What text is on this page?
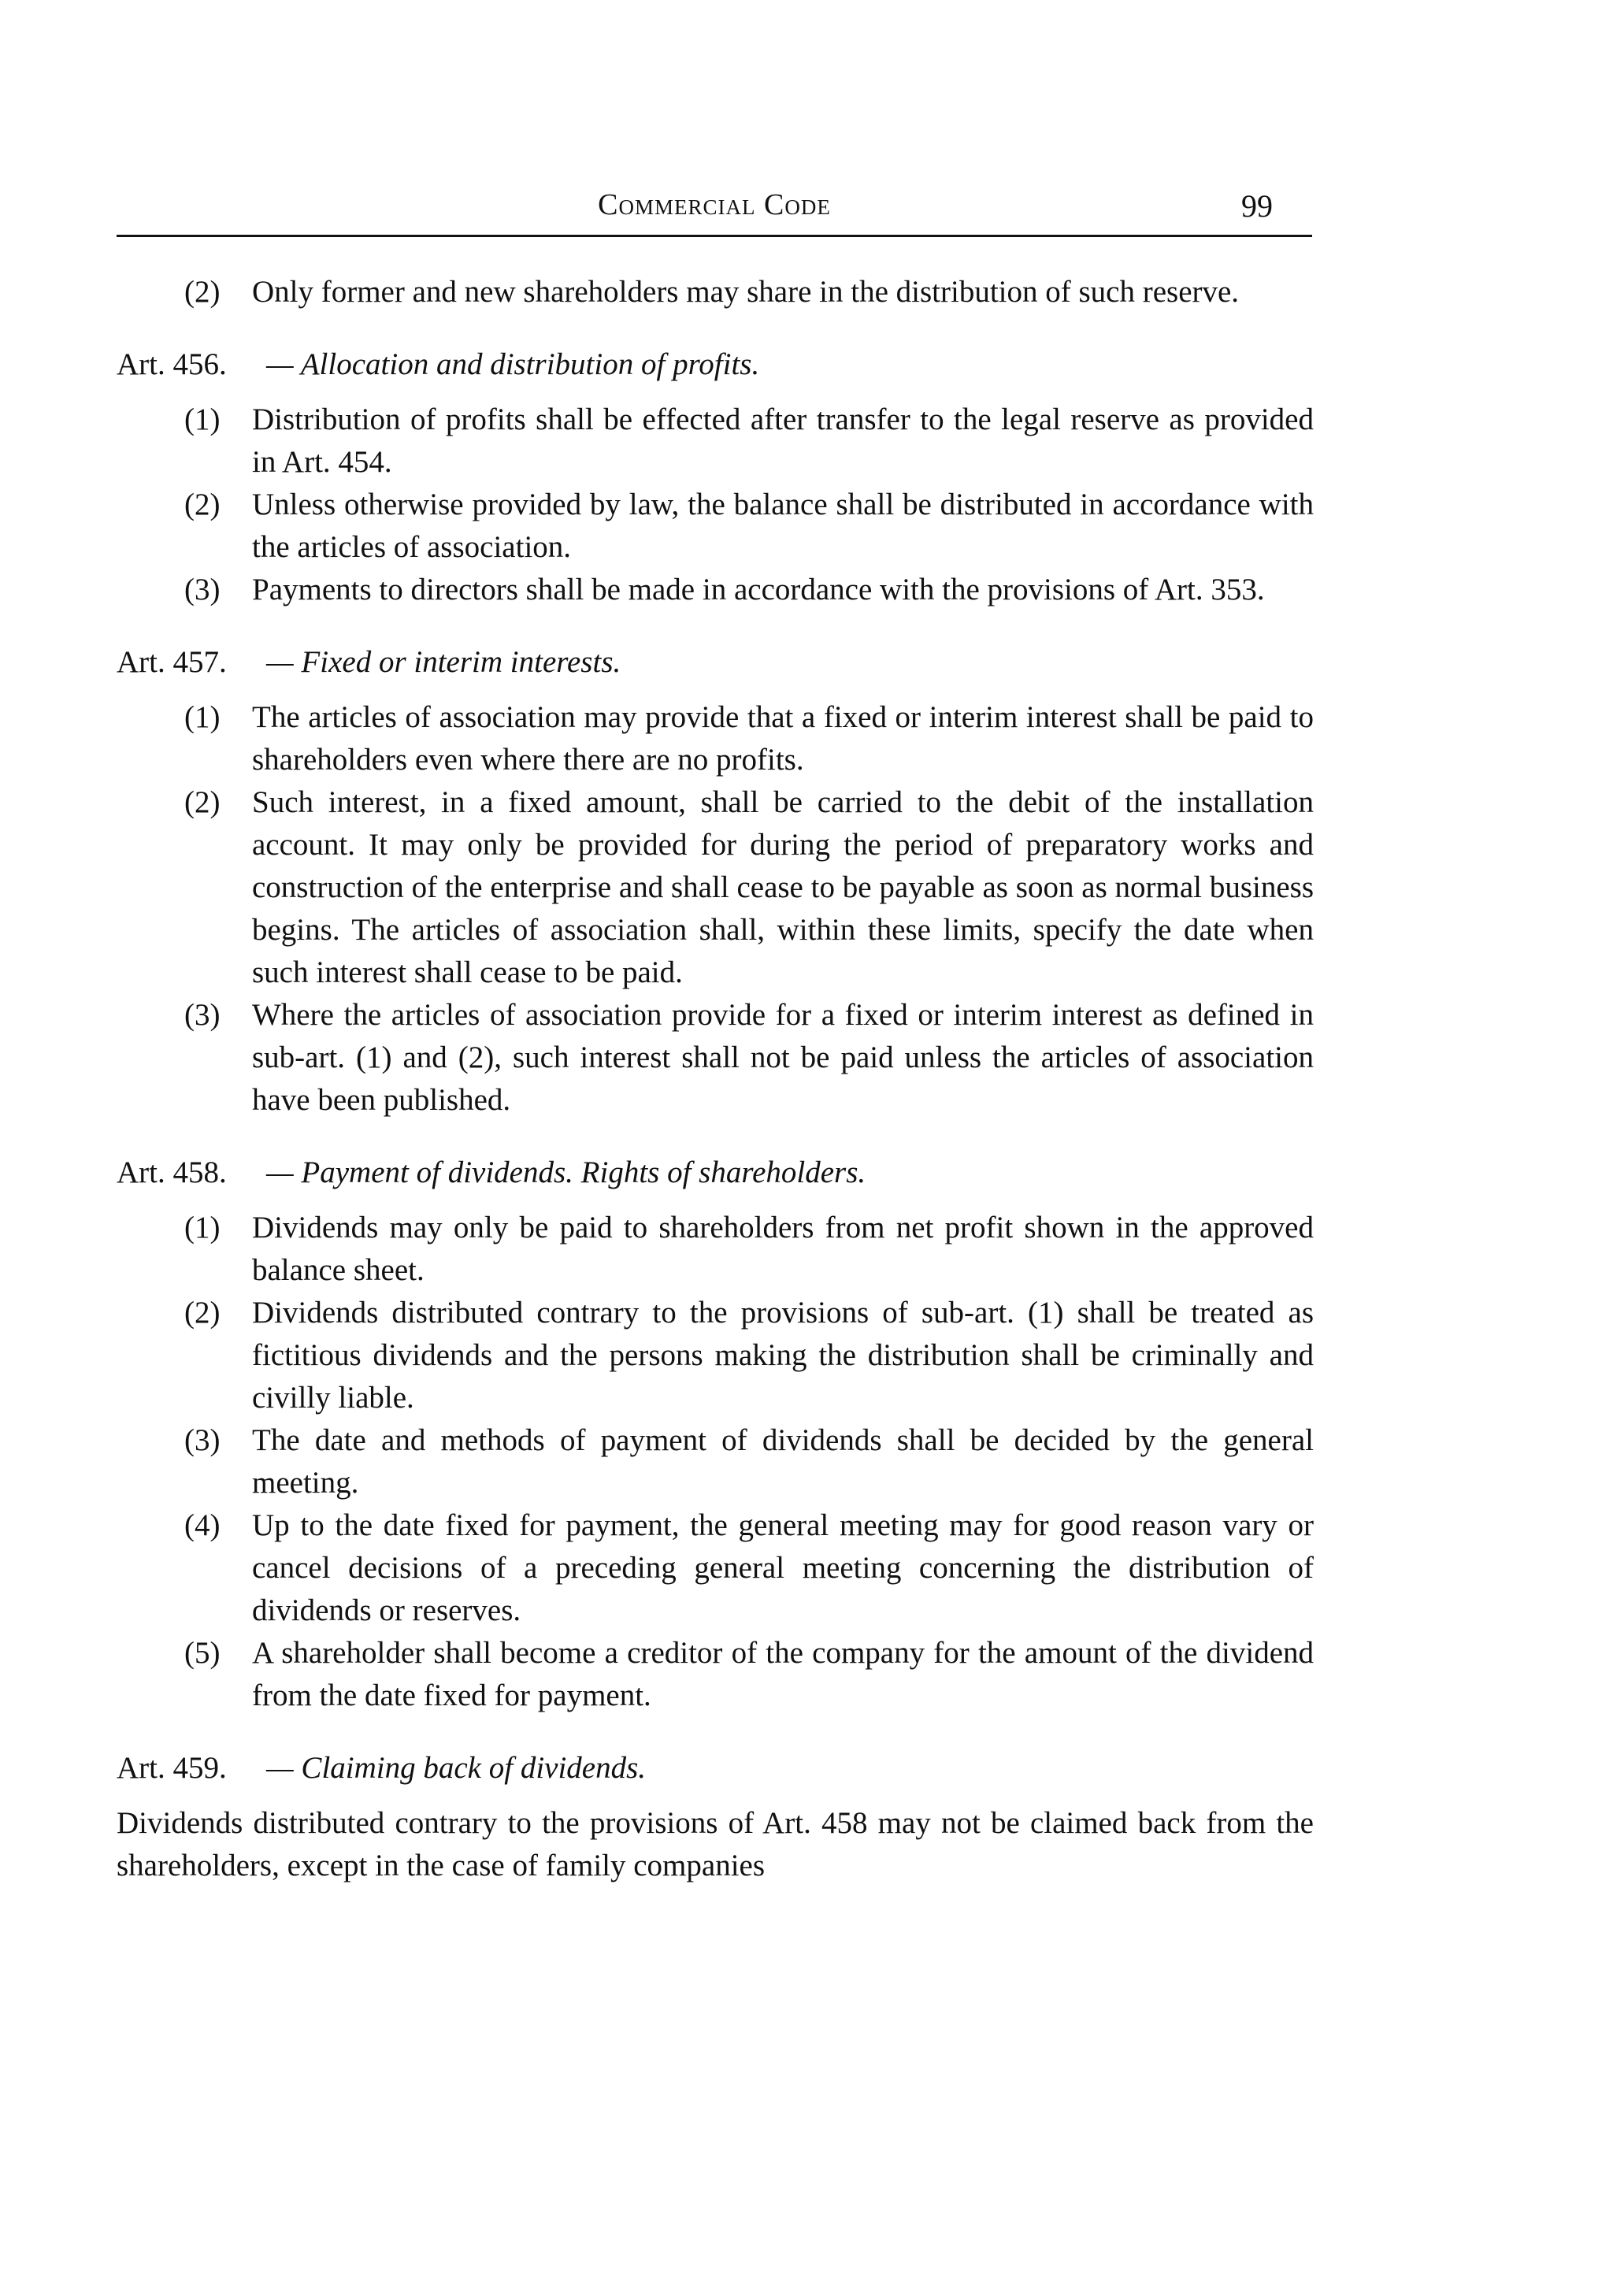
Commercial Code	99
(2) Only former and new shareholders may share in the distribution of such reserve.
Art. 456. — Allocation and distribution of profits.
(1) Distribution of profits shall be effected after transfer to the legal reserve as provided in Art. 454.
(2) Unless otherwise provided by law, the balance shall be distributed in accordance with the articles of association.
(3) Payments to directors shall be made in accordance with the provisions of Art. 353.
Art. 457. — Fixed or interim interests.
(1) The articles of association may provide that a fixed or interim interest shall be paid to shareholders even where there are no profits.
(2) Such interest, in a fixed amount, shall be carried to the debit of the installation account. It may only be provided for during the period of preparatory works and construction of the enterprise and shall cease to be payable as soon as normal business begins. The articles of association shall, within these limits, specify the date when such interest shall cease to be paid.
(3) Where the articles of association provide for a fixed or interim interest as defined in sub-art. (1) and (2), such interest shall not be paid unless the articles of association have been published.
Art. 458. — Payment of dividends. Rights of shareholders.
(1) Dividends may only be paid to shareholders from net profit shown in the approved balance sheet.
(2) Dividends distributed contrary to the provisions of sub-art. (1) shall be treated as fictitious dividends and the persons making the distribution shall be criminally and civilly liable.
(3) The date and methods of payment of dividends shall be decided by the general meeting.
(4) Up to the date fixed for payment, the general meeting may for good reason vary or cancel decisions of a preceding general meeting concerning the distribution of dividends or reserves.
(5) A shareholder shall become a creditor of the company for the amount of the dividend from the date fixed for payment.
Art. 459. — Claiming back of dividends.
Dividends distributed contrary to the provisions of Art. 458 may not be claimed back from the shareholders, except in the case of family companies
